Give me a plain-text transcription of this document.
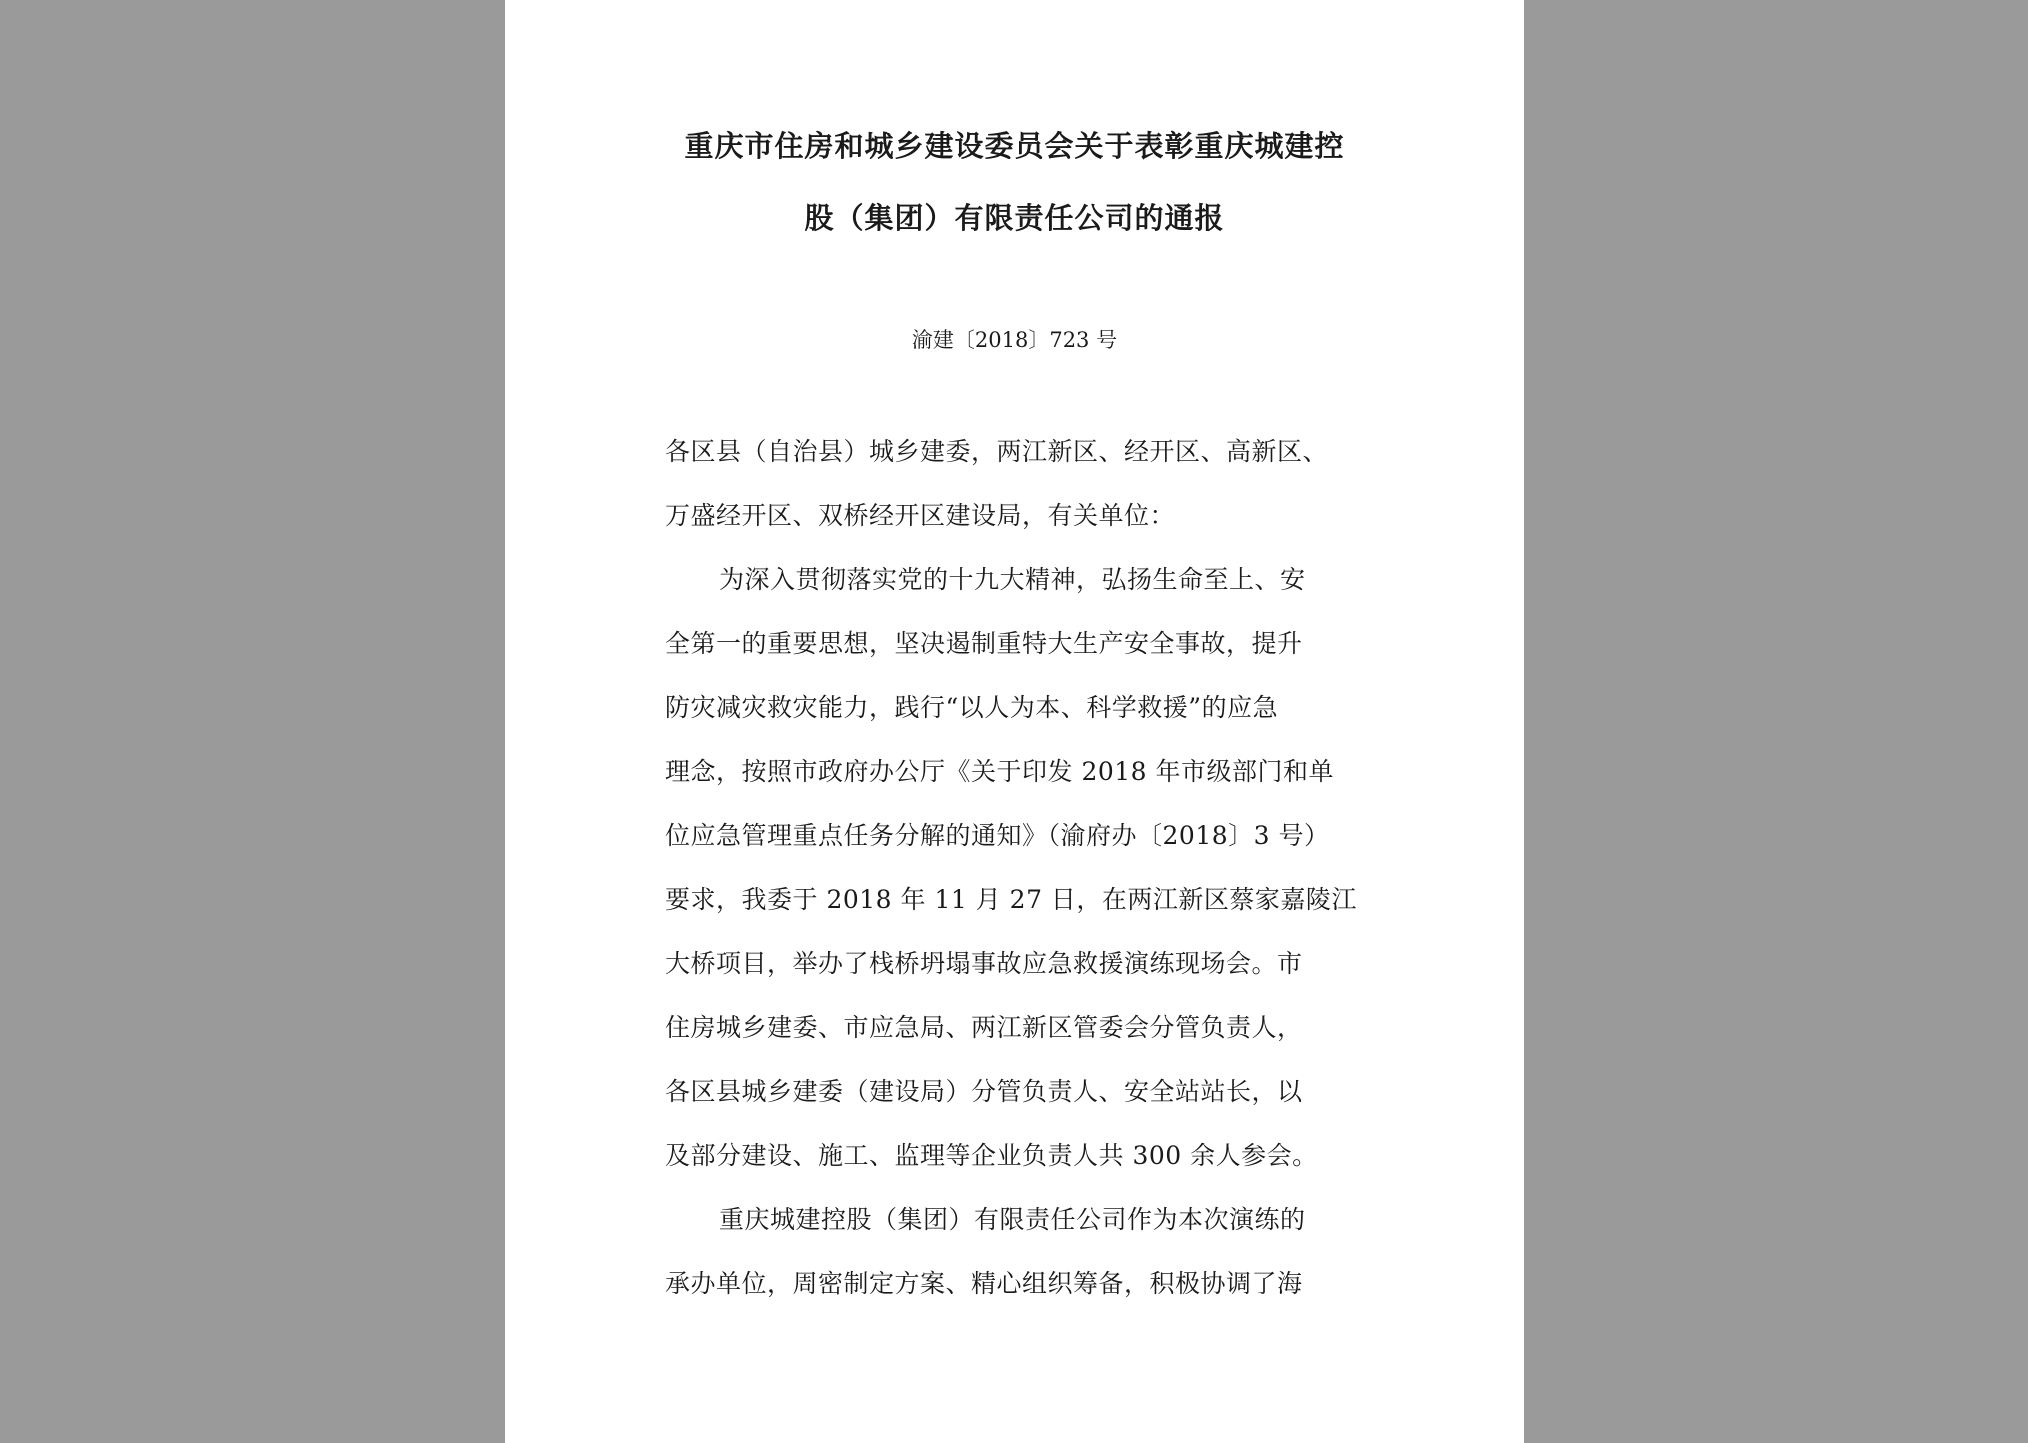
重庆市住房和城乡建设委员会关于表彰重庆城建控
股（集团）有限责任公司的通报
渝建〔2018〕723 号
各区县（自治县）城乡建委，两江新区、经开区、高新区、
万盛经开区、双桥经开区建设局，有关单位：
为深入贯彻落实党的十九大精神，弘扬生命至上、安
全第一的重要思想，坚决遏制重特大生产安全事故，提升
防灾减灾救灾能力，践行“以人为本、科学救援”的应急
理念，按照市政府办公厅《关于印发 2018 年市级部门和单
位应急管理重点任务分解的通知》（渝府办〔2018〕3 号）
要求，我委于 2018 年 11 月 27 日，在两江新区蔡家嘉陵江
大桥项目，举办了栈桥坍塌事故应急救援演练现场会。市
住房城乡建委、市应急局、两江新区管委会分管负责人，
各区县城乡建委（建设局）分管负责人、安全站站长，以
及部分建设、施工、监理等企业负责人共 300 余人参会。
重庆城建控股（集团）有限责任公司作为本次演练的
承办单位，周密制定方案、精心组织筹备，积极协调了海
